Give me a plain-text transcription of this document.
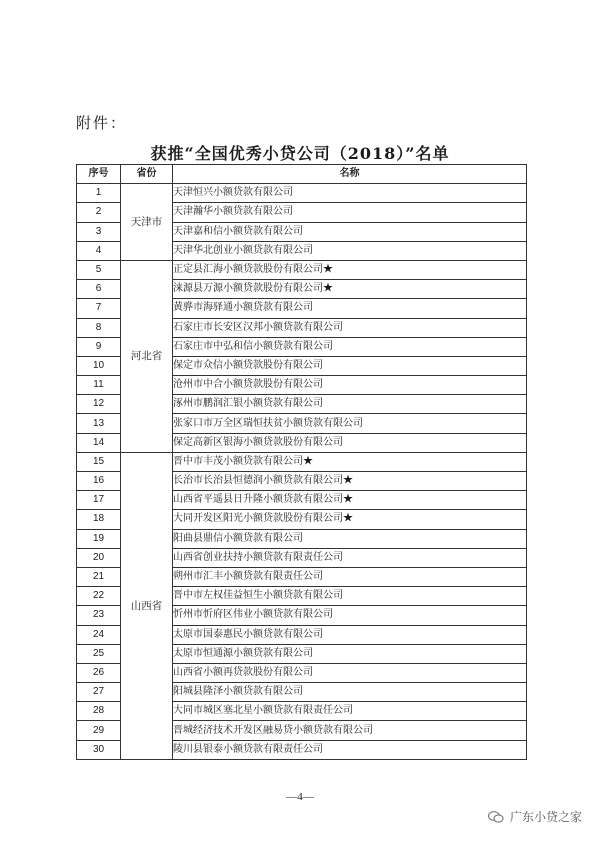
附件：
获推“全国优秀小贷公司（2018）”名单
序号	省份	名称
1	天津市	天津恒兴小额贷款有限公司
2		天津瀚华小额贷款有限公司
3		天津嘉和信小额贷款有限公司
4		天津华北创业小额贷款有限公司
5	河北省	正定县汇海小额贷款股份有限公司★
6		涞源县万源小额贷款股份有限公司★
7		黄骅市海驿通小额贷款有限公司
8		石家庄市长安区汉邦小额贷款有限公司
9		石家庄市中弘和信小额贷款有限公司
10		保定市众信小额贷款股份有限公司
11		沧州市中合小额贷款股份有限公司
12		涿州市鹏润汇银小额贷款有限公司
13		张家口市万全区瑞恒扶贫小额贷款有限公司
14		保定高新区银海小额贷款股份有限公司
15	山西省	晋中市丰茂小额贷款有限公司★
16		长治市长治县恒德润小额贷款有限公司★
17		山西省平遥县日升隆小额贷款有限公司★
18		大同开发区阳光小额贷款股份有限公司★
19		阳曲县鼎信小额贷款有限公司
20		山西省创业扶持小额贷款有限责任公司
21		朔州市汇丰小额贷款有限责任公司
22		晋中市左权佳益恒生小额贷款有限公司
23		忻州市忻府区伟业小额贷款有限公司
24		太原市国泰惠民小额贷款有限公司
25		太原市恒通源小额贷款有限公司
26		山西省小额再贷款股份有限公司
27		阳城县隆泽小额贷款有限公司
28		大同市城区塞北星小额贷款有限责任公司
29		晋城经济技术开发区融易贷小额贷款有限公司
30		陵川县银泰小额贷款有限责任公司
—4—
广东小贷之家
